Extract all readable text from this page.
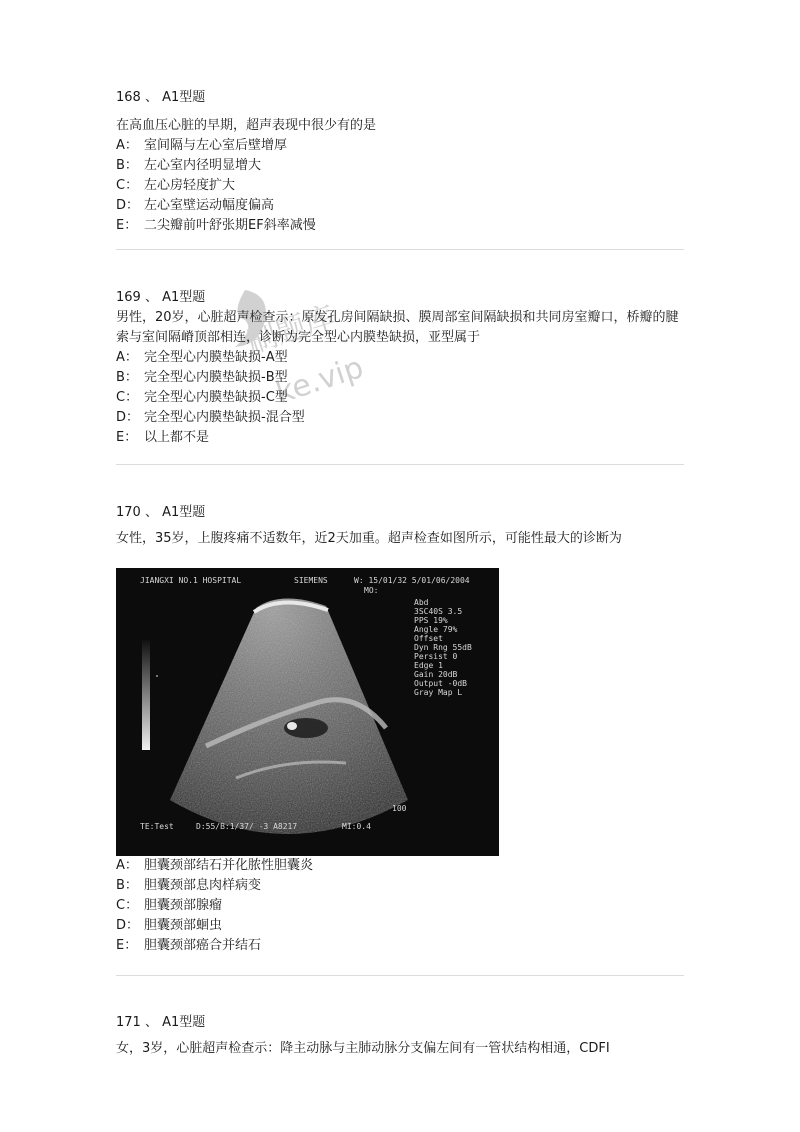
168 、 A1型题

在高血压心脏的早期，超声表现中很少有的是

A： 室间隔与左心室后壁增厚

B： 左心室内径明显增大

C： 左心房轻度扩大

D： 左心室壁运动幅度偏高

E： 二尖瓣前叶舒张期EF斜率减慢

169 、 A1型题

男性，20岁，心脏超声检查示：原发孔房间隔缺损、膜周部室间隔缺损和共同房室瓣口，桥瓣的腱索与室间隔嵴顶部相连，诊断为完全型心内膜垫缺损，亚型属于

A： 完全型心内膜垫缺损-A型

B： 完全型心内膜垫缺损-B型

C： 完全型心内膜垫缺损-C型

D： 完全型心内膜垫缺损-混合型

E： 以上都不是

170 、 A1型题

女性，35岁，上腹疼痛不适数年，近2天加重。超声检查如图所示，可能性最大的诊断为

JIANGXI NO.1 HOSPITAL	SIEMENS	W: 15/01/32 5/01/06/2004
MO:
Abd
3SC40S 3.5
PPS 19%
Angle 79%
Offset
Dyn Rng 55dB
Persist 0
Edge 1
Gain 20dB
Output -0dB
Gray Map L
100
TE:Test	D:55/B:1/37/ -3 A8217	MI:0.4

A： 胆囊颈部结石并化脓性胆囊炎

B： 胆囊颈部息肉样病变

C： 胆囊颈部腺瘤

D： 胆囊颈部蛔虫

E： 胆囊颈部癌合并结石

171 、 A1型题

女，3岁，心脏超声检查示：降主动脉与主肺动脉分支偏左间有一管状结构相通，CDFI

刷题库
ke.vip
